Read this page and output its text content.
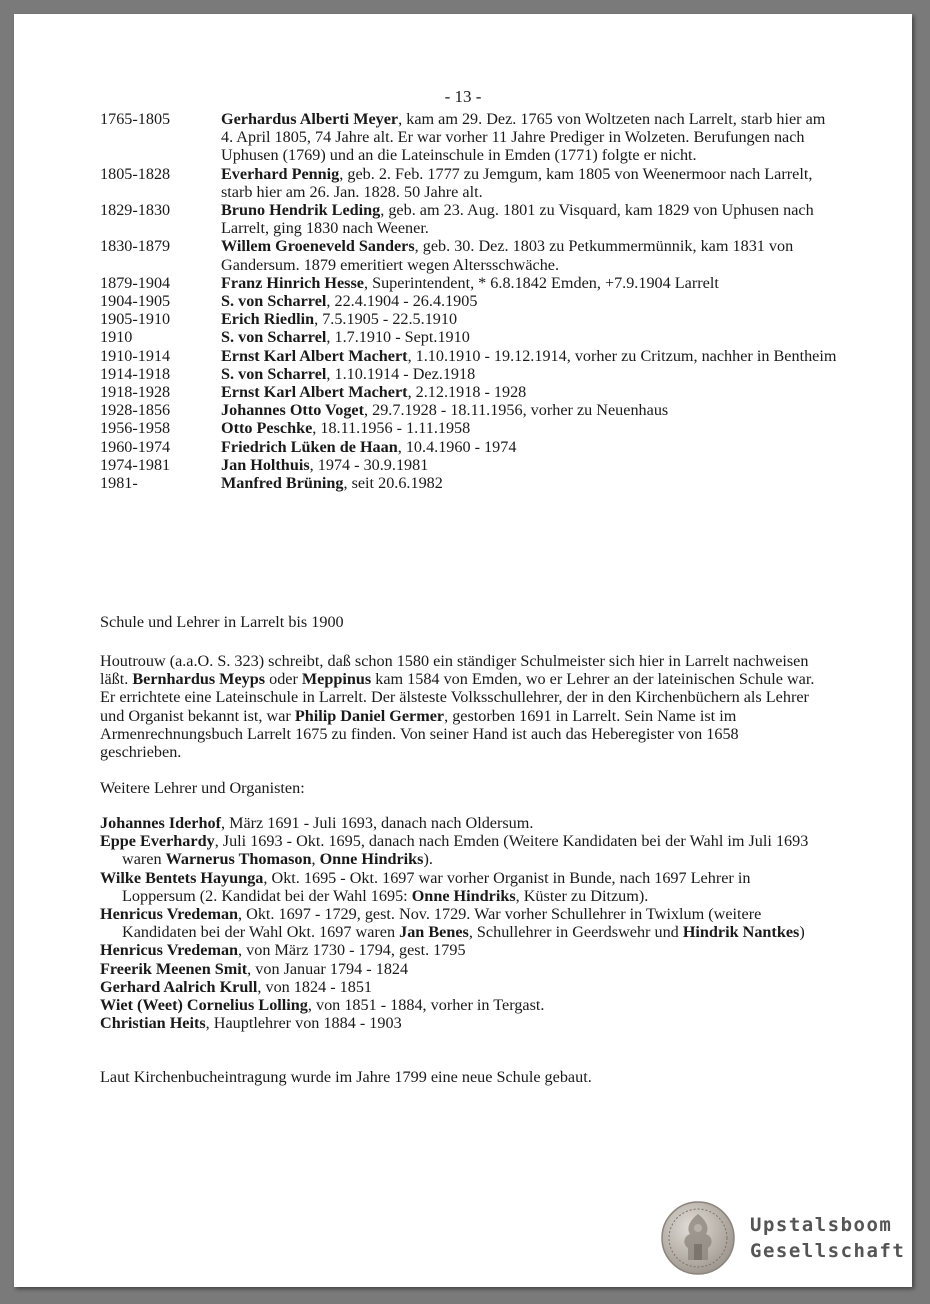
- 13 -
1765-1805	Gerhardus Alberti Meyer, kam am 29. Dez. 1765 von Woltzeten nach Larrelt, starb hier am 4. April 1805, 74 Jahre alt. Er war vorher 11 Jahre Prediger in Wolzeten. Berufungen nach Uphusen (1769) und an die Lateinschule in Emden (1771) folgte er nicht.
1805-1828	Everhard Pennig, geb. 2. Feb. 1777 zu Jemgum, kam 1805 von Weenermoor nach Larrelt, starb hier am 26. Jan. 1828. 50 Jahre alt.
1829-1830	Bruno Hendrik Leding, geb. am 23. Aug. 1801 zu Visquard, kam 1829 von Uphusen nach Larrelt, ging 1830 nach Weener.
1830-1879	Willem Groeneveld Sanders, geb. 30. Dez. 1803 zu Petkummermünnik, kam 1831 von Gandersum. 1879 emeritiert wegen Altersschwäche.
1879-1904	Franz Hinrich Hesse, Superintendent, * 6.8.1842 Emden, +7.9.1904 Larrelt
1904-1905	S. von Scharrel, 22.4.1904 - 26.4.1905
1905-1910	Erich Riedlin, 7.5.1905 - 22.5.1910
1910	S. von Scharrel, 1.7.1910 - Sept.1910
1910-1914	Ernst Karl Albert Machert, 1.10.1910 - 19.12.1914, vorher zu Critzum, nachher in Bentheim
1914-1918	S. von Scharrel, 1.10.1914 - Dez.1918
1918-1928	Ernst Karl Albert Machert, 2.12.1918 - 1928
1928-1856	Johannes Otto Voget, 29.7.1928 - 18.11.1956, vorher zu Neuenhaus
1956-1958	Otto Peschke, 18.11.1956 - 1.11.1958
1960-1974	Friedrich Lüken de Haan, 10.4.1960 - 1974
1974-1981	Jan Holthuis, 1974 - 30.9.1981
1981-	Manfred Brüning, seit 20.6.1982
Schule und Lehrer in Larrelt bis 1900
Houtrouw (a.a.O. S. 323) schreibt, daß schon 1580 ein ständiger Schulmeister sich hier in Larrelt nachweisen läßt. Bernhardus Meyps oder Meppinus kam 1584 von Emden, wo er Lehrer an der lateinischen Schule war. Er errichtete eine Lateinschule in Larrelt. Der älsteste Volksschullehrer, der in den Kirchenbüchern als Lehrer und Organist bekannt ist, war Philip Daniel Germer, gestorben 1691 in Larrelt. Sein Name ist im Armenrechnungsbuch Larrelt 1675 zu finden. Von seiner Hand ist auch das Heberegister von 1658 geschrieben.
Weitere Lehrer und Organisten:
Johannes Iderhof, März 1691 - Juli 1693, danach nach Oldersum.
Eppe Everhardy, Juli 1693 - Okt. 1695, danach nach Emden (Weitere Kandidaten bei der Wahl im Juli 1693 waren Warnerus Thomason, Onne Hindriks).
Wilke Bentets Hayunga, Okt. 1695 - Okt. 1697 war vorher Organist in Bunde, nach 1697 Lehrer in Loppersum (2. Kandidat bei der Wahl 1695: Onne Hindriks, Küster zu Ditzum).
Henricus Vredeman, Okt. 1697 - 1729, gest. Nov. 1729. War vorher Schullehrer in Twixlum (weitere Kandidaten bei der Wahl Okt. 1697 waren Jan Benes, Schullehrer in Geerdswehr und Hindrik Nantkes)
Henricus Vredeman, von März 1730 - 1794, gest. 1795
Freerik Meenen Smit, von Januar 1794 - 1824
Gerhard Aalrich Krull, von 1824 - 1851
Wiet (Weet) Cornelius Lolling, von 1851 - 1884, vorher in Tergast.
Christian Heits, Hauptlehrer von 1884 - 1903
Laut Kirchenbucheintragung wurde im Jahre 1799 eine neue Schule gebaut.
Upstalsboom
Gesellschaft
